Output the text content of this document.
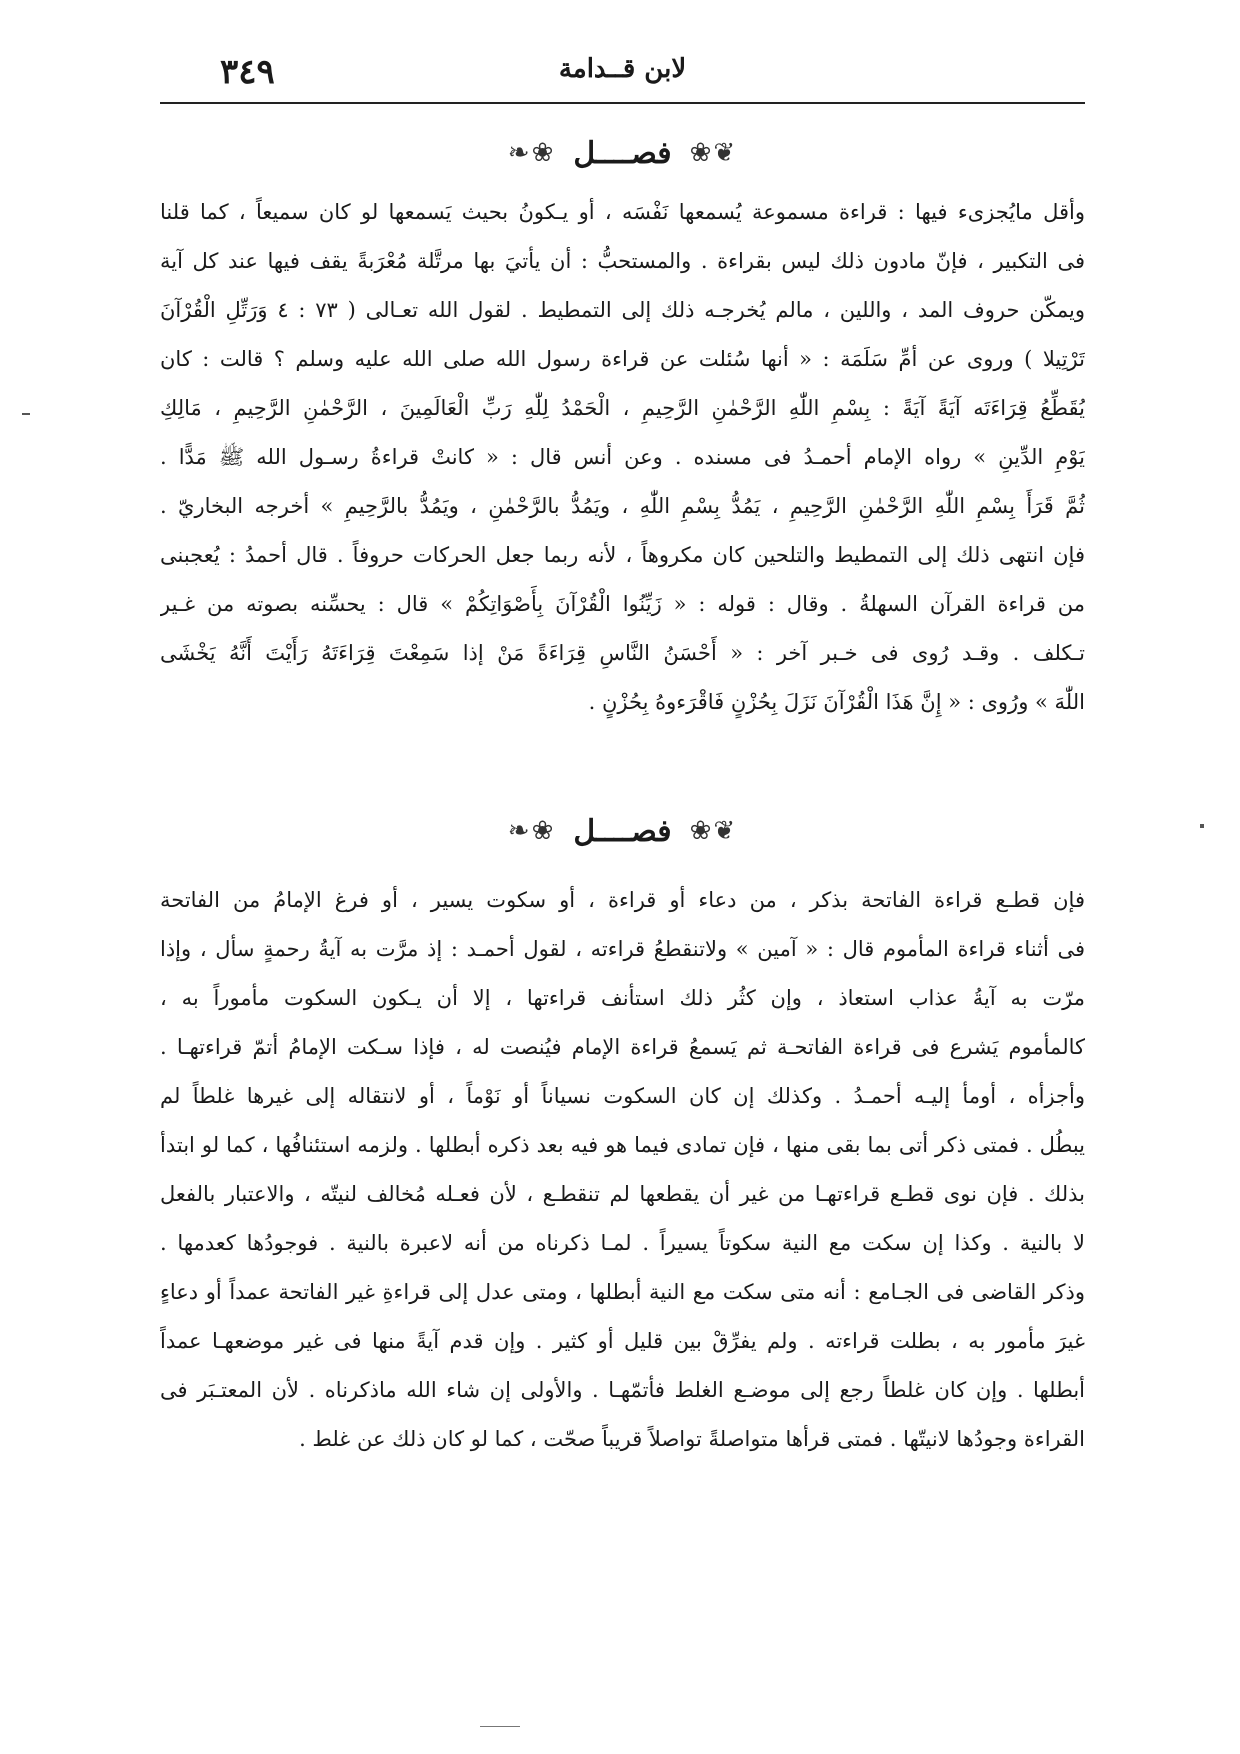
٣٤٩	لابن قــدامة
❦❀
فصــــل
❀❧
وأقل مايُجزىء فيها : قراءة مسموعة يُسمعها نَفْسَه ، أو يـكونُ بحيث يَسمعها لو كان سميعاً ، كما قلنا
فى التكبير ، فإنّ مادون ذلك ليس بقراءة . والمستحبُّ : أن يأتيَ بها مرتَّلة مُعْرَبةً يقف فيها عند كل آية
ويمكّن حروف المد ، واللين ، مالم يُخرجـه ذلك إلى التمطيط . لقول الله تعـالى ( ٧٣ : ٤ وَرَتِّلِ الْقُرْآنَ
تَرْتِيلا ) وروى عن أمِّ سَلَمَة : « أنها سُئلت عن قراءة رسول الله صلى الله عليه وسلم ؟ قالت : كان
يُقَطِّعُ قِرَاءَتَه آيَةً آيَةً : بِسْمِ اللّٰهِ الرَّحْمٰنِ الرَّحِيمِ ، الْحَمْدُ لِلّٰهِ رَبِّ الْعَالَمِينَ ، الرَّحْمٰنِ الرَّحِيمِ ، مَالِكِ
يَوْمِ الدِّينِ » رواه الإمام أحمـدُ فى مسنده . وعن أنس قال : « كانتْ قراءةُ رسـول الله ﷺ مَدًّا .
ثُمَّ قَرَأَ بِسْمِ اللّٰهِ الرَّحْمٰنِ الرَّحِيمِ ، يَمُدُّ بِسْمِ اللّٰهِ ، ويَمُدُّ بالرَّحْمٰنِ ، ويَمُدُّ بالرَّحِيمِ » أخرجه البخاريّ .
فإن انتهى ذلك إلى التمطيط والتلحين كان مكروهاً ، لأنه ربما جعل الحركات حروفاً . قال أحمدُ : يُعجبنى
من قراءة القرآن السهلةُ . وقال : قوله : « زَيِّنُوا الْقُرْآنَ بِأَصْوَاتِكُمْ » قال : يحسِّنه بصوته من غـير
تـكلف . وقـد رُوى فى خـبر آخر : « أَحْسَنُ النَّاسِ قِرَاءَةً مَنْ إذا سَمِعْتَ قِرَاءَتَهُ رَأَيْتَ أَنَّهُ يَخْشَى
اللّٰهَ » ورُوى : « إِنَّ هَذَا الْقُرْآنَ نَزَلَ بِحُزْنٍ فَاقْرَءوهُ بِحُزْنٍ .
❦❀
فصــــل
❀❧
فإن قطـع قراءة الفاتحة بذكر ، من دعاء أو قراءة ، أو سكوت يسير ، أو فرغ الإمامُ من الفاتحة
فى أثناء قراءة المأموم قال : « آمين » ولاتنقطعُ قراءته ، لقول أحمـد : إذ مرَّت به آيةُ رحمةٍ سأل ، وإذا
مرّت به آيةُ عذاب استعاذ ، وإن كثُر ذلك استأنف قراءتها ، إلا أن يـكون السكوت مأموراً به ،
كالمأموم يَشرع فى قراءة الفاتحـة ثم يَسمعُ قراءة الإمام فيُنصت له ، فإذا سـكت الإمامُ أتمّ قراءتهـا .
وأجزأه ، أومأ إليـه أحمـدُ . وكذلك إن كان السكوت نسياناً أو نَوْماً ، أو لانتقاله إلى غيرها غلطاً لم
يبطُل . فمتى ذكر أتى بما بقى منها ، فإن تمادى فيما هو فيه بعد ذكره أبطلها . ولزمه استئنافُها ، كما لو ابتدأ
بذلك . فإن نوى قطـع قراءتهـا من غير أن يقطعها لم تنقطـع ، لأن فعـله مُخالف لنيتّه ، والاعتبار بالفعل
لا بالنية . وكذا إن سكت مع النية سكوتاً يسيراً . لمـا ذكرناه من أنه لاعبرة بالنية . فوجودُها كعدمها .
وذكر القاضى فى الجـامع : أنه متى سكت مع النية أبطلها ، ومتى عدل إلى قراءةِ غير الفاتحة عمداً أو دعاءٍ
غيرَ مأمور به ، بطلت قراءته . ولم يفرِّقْ بين قليل أو كثير . وإن قدم آيةً منها فى غير موضعهـا عمداً
أبطلها . وإن كان غلطاً رجع إلى موضـع الغلط فأتمّهـا . والأولى إن شاء الله ماذكرناه . لأن المعتـبَر فى
القراءة وجودُها لانيتّها . فمتى قرأها متواصلةً تواصلاً قريباً صحّت ، كما لو كان ذلك عن غلط .
